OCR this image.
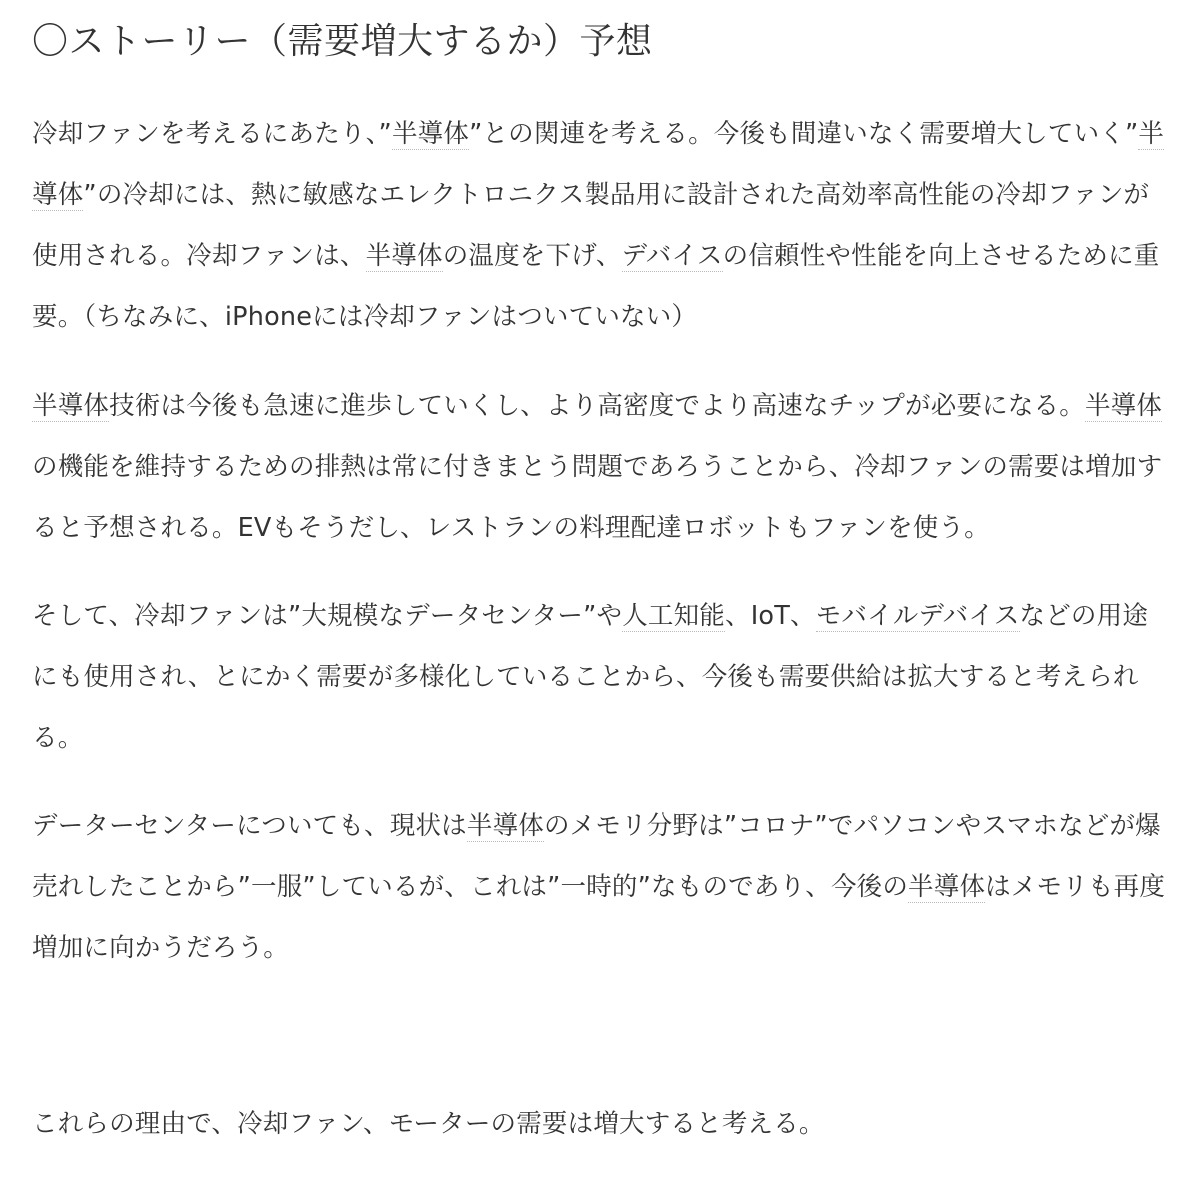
〇ストーリー（需要増大するか）予想

冷却ファンを考えるにあたり、”半導体”との関連を考える。今後も間違いなく需要増大していく”半導体”の冷却には、熱に敏感なエレクトロニクス製品用に設計された高効率高性能の冷却ファンが使用される。冷却ファンは、半導体の温度を下げ、デバイスの信頼性や性能を向上させるために重要。（ちなみに、iPhoneには冷却ファンはついていない）

半導体技術は今後も急速に進歩していくし、より高密度でより高速なチップが必要になる。半導体の機能を維持するための排熱は常に付きまとう問題であろうことから、冷却ファンの需要は増加すると予想される。EVもそうだし、レストランの料理配達ロボットもファンを使う。

そして、冷却ファンは”大規模なデータセンター”や人工知能、IoT、モバイルデバイスなどの用途にも使用され、とにかく需要が多様化していることから、今後も需要供給は拡大すると考えられる。

データーセンターについても、現状は半導体のメモリ分野は”コロナ”でパソコンやスマホなどが爆売れしたことから”一服”しているが、これは”一時的”なものであり、今後の半導体はメモリも再度増加に向かうだろう。

これらの理由で、冷却ファン、モーターの需要は増大すると考える。
